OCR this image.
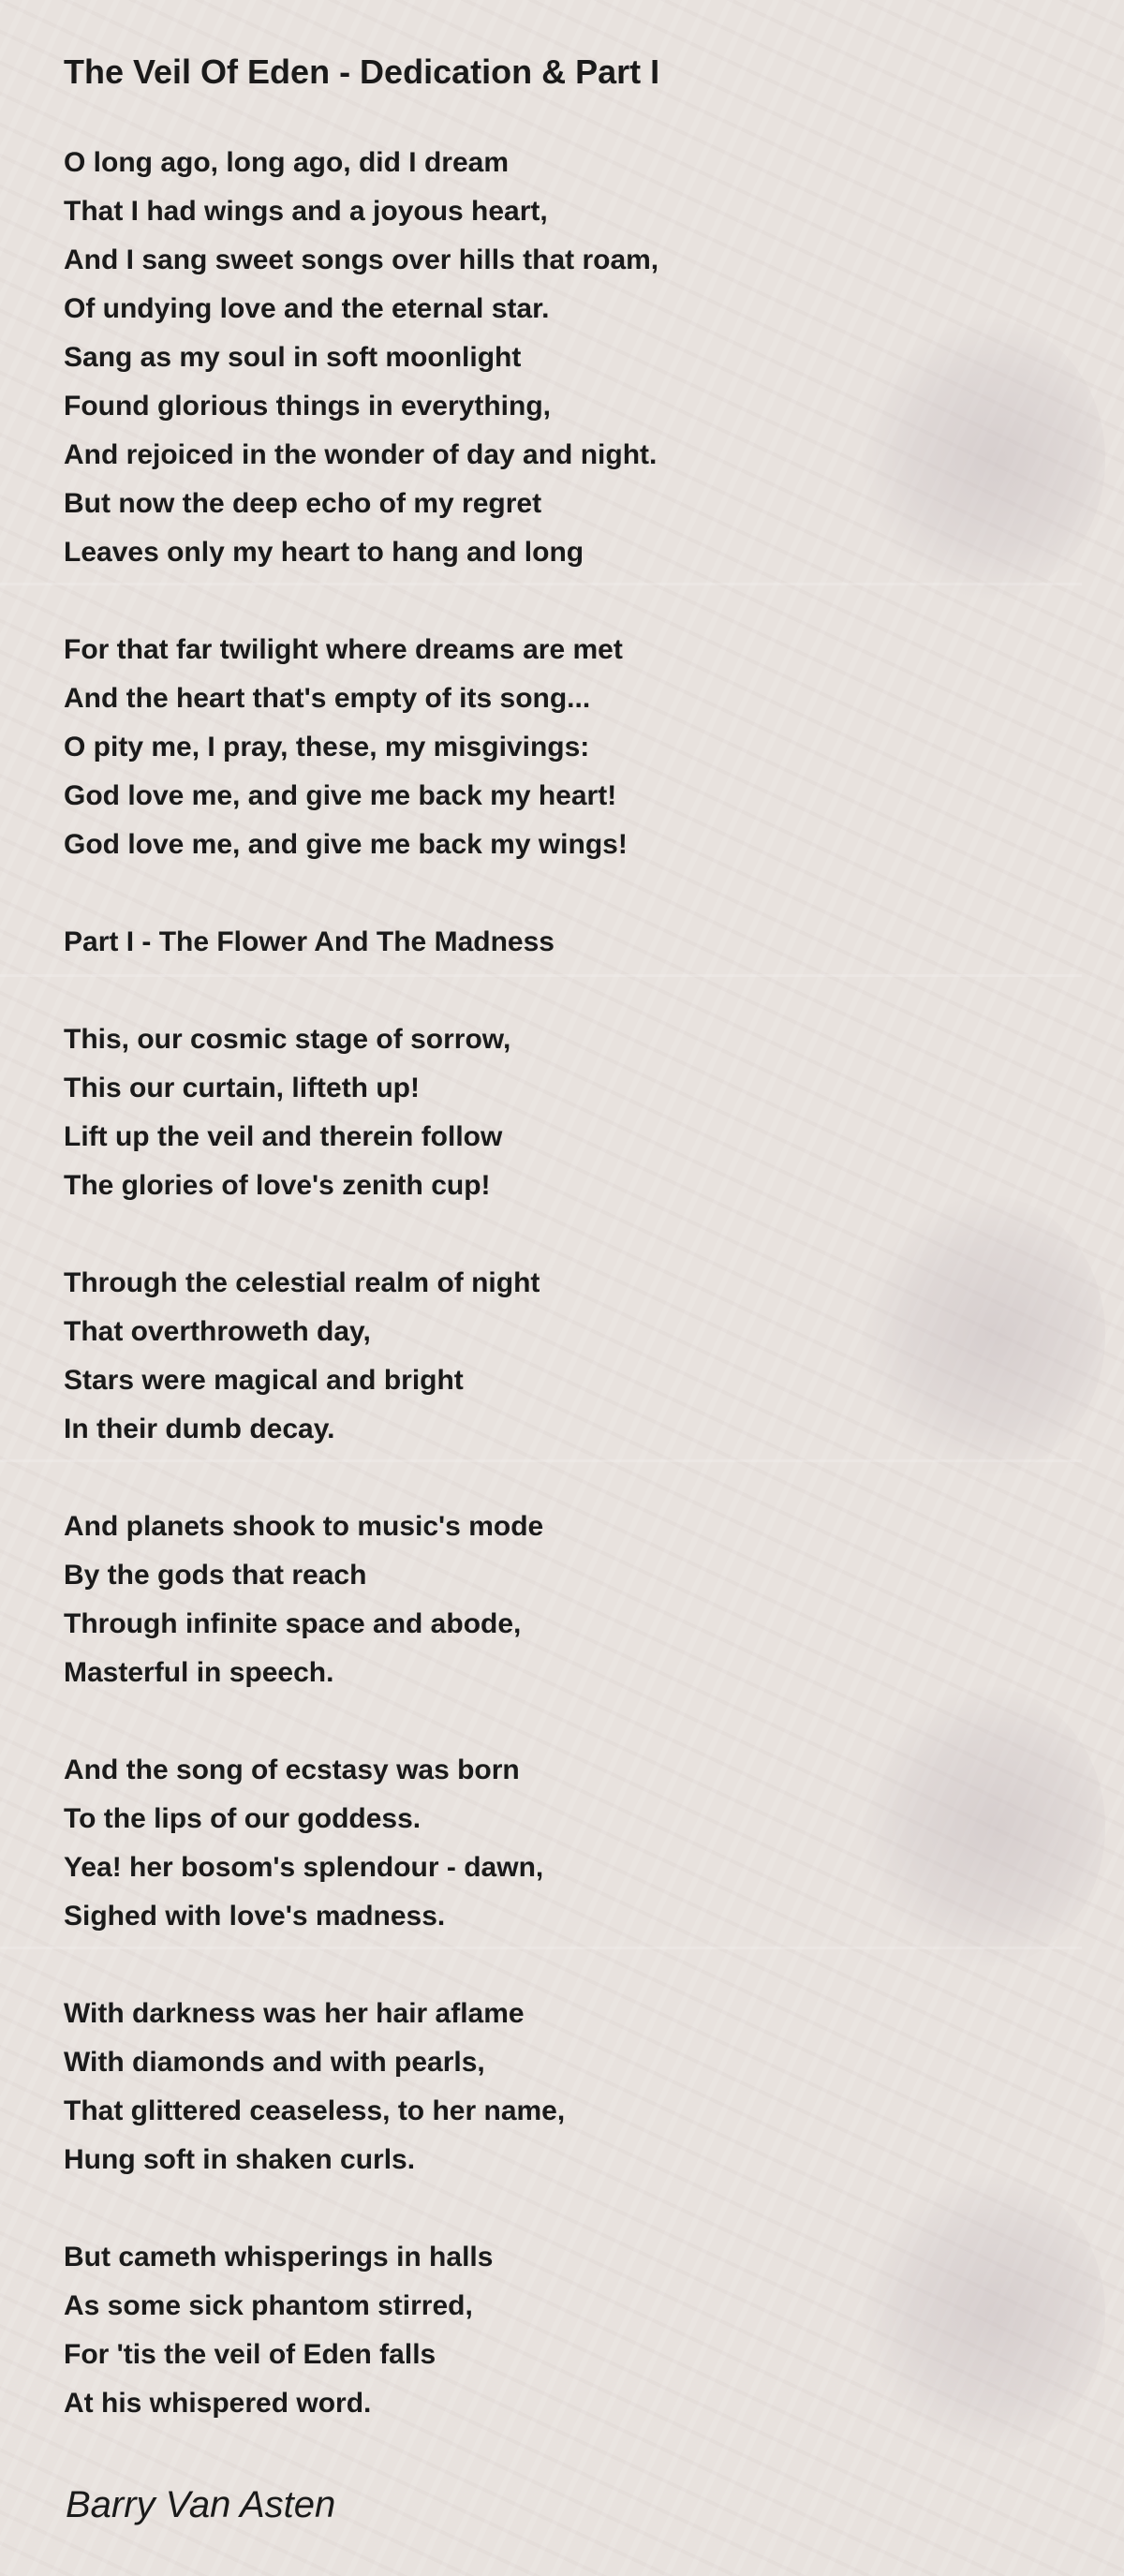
The Veil Of Eden - Dedication & Part I

O long ago, long ago, did I dream
That I had wings and a joyous heart,
And I sang sweet songs over hills that roam,
Of undying love and the eternal star.
Sang as my soul in soft moonlight
Found glorious things in everything,
And rejoiced in the wonder of day and night.
But now the deep echo of my regret
Leaves only my heart to hang and long

For that far twilight where dreams are met
And the heart that's empty of its song...
O pity me, I pray, these, my misgivings:
God love me, and give me back my heart!
God love me, and give me back my wings!

Part I - The Flower And The Madness

This, our cosmic stage of sorrow,
This our curtain, lifteth up!
Lift up the veil and therein follow
The glories of love's zenith cup!

Through the celestial realm of night
That overthroweth day,
Stars were magical and bright
In their dumb decay.

And planets shook to music's mode
By the gods that reach
Through infinite space and abode,
Masterful in speech.

And the song of ecstasy was born
To the lips of our goddess.
Yea! her bosom's splendour - dawn,
Sighed with love's madness.

With darkness was her hair aflame
With diamonds and with pearls,
That glittered ceaseless, to her name,
Hung soft in shaken curls.

But cameth whisperings in halls
As some sick phantom stirred,
For 'tis the veil of Eden falls
At his whispered word.

Barry Van Asten
